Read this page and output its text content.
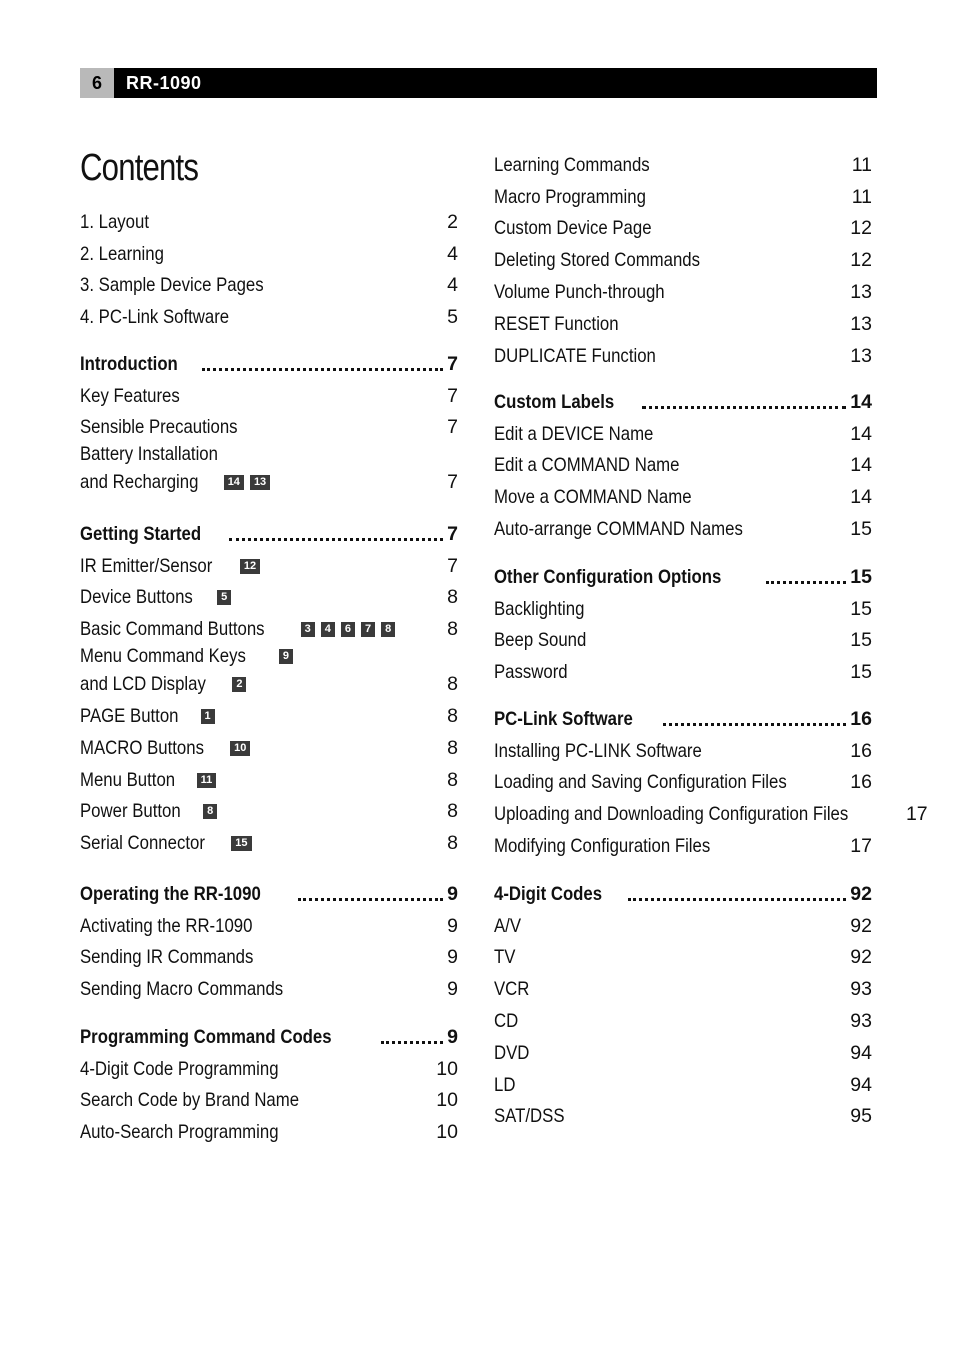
6	RR-1090
Contents
1. Layout	2
2. Learning	4
3. Sample Device Pages	4
4. PC-Link Software	5
Introduction	7
Key Features	7
Sensible Precautions	7
Battery Installation
and Recharging	14	13	7
Getting Started	7
IR Emitter/Sensor	12	7
Device Buttons	5	8
Basic Command Buttons	3	4	6	7	8	8
Menu Command Keys	9
and LCD Display	2	8
PAGE Button	1	8
MACRO Buttons	10	8
Menu Button	11	8
Power Button	8	8
Serial Connector	15	8
Operating the RR-1090	9
Activating the RR-1090	9
Sending IR Commands	9
Sending Macro Commands	9
Programming Command Codes	9
4-Digit Code Programming	10
Search Code by Brand Name	10
Auto-Search Programming	10
Learning Commands	11
Macro Programming	11
Custom Device Page	12
Deleting Stored Commands	12
Volume Punch-through	13
RESET Function	13
DUPLICATE Function	13
Custom Labels	14
Edit a DEVICE Name	14
Edit a COMMAND Name	14
Move a COMMAND Name	14
Auto-arrange COMMAND Names	15
Other Configuration Options	15
Backlighting	15
Beep Sound	15
Password	15
PC-Link Software	16
Installing PC-LINK Software	16
Loading and Saving Configuration Files	16
Uploading and Downloading Configuration Files	17
Modifying Configuration Files	17
4-Digit Codes	92
A/V	92
TV	92
VCR	93
CD	93
DVD	94
LD	94
SAT/DSS	95
